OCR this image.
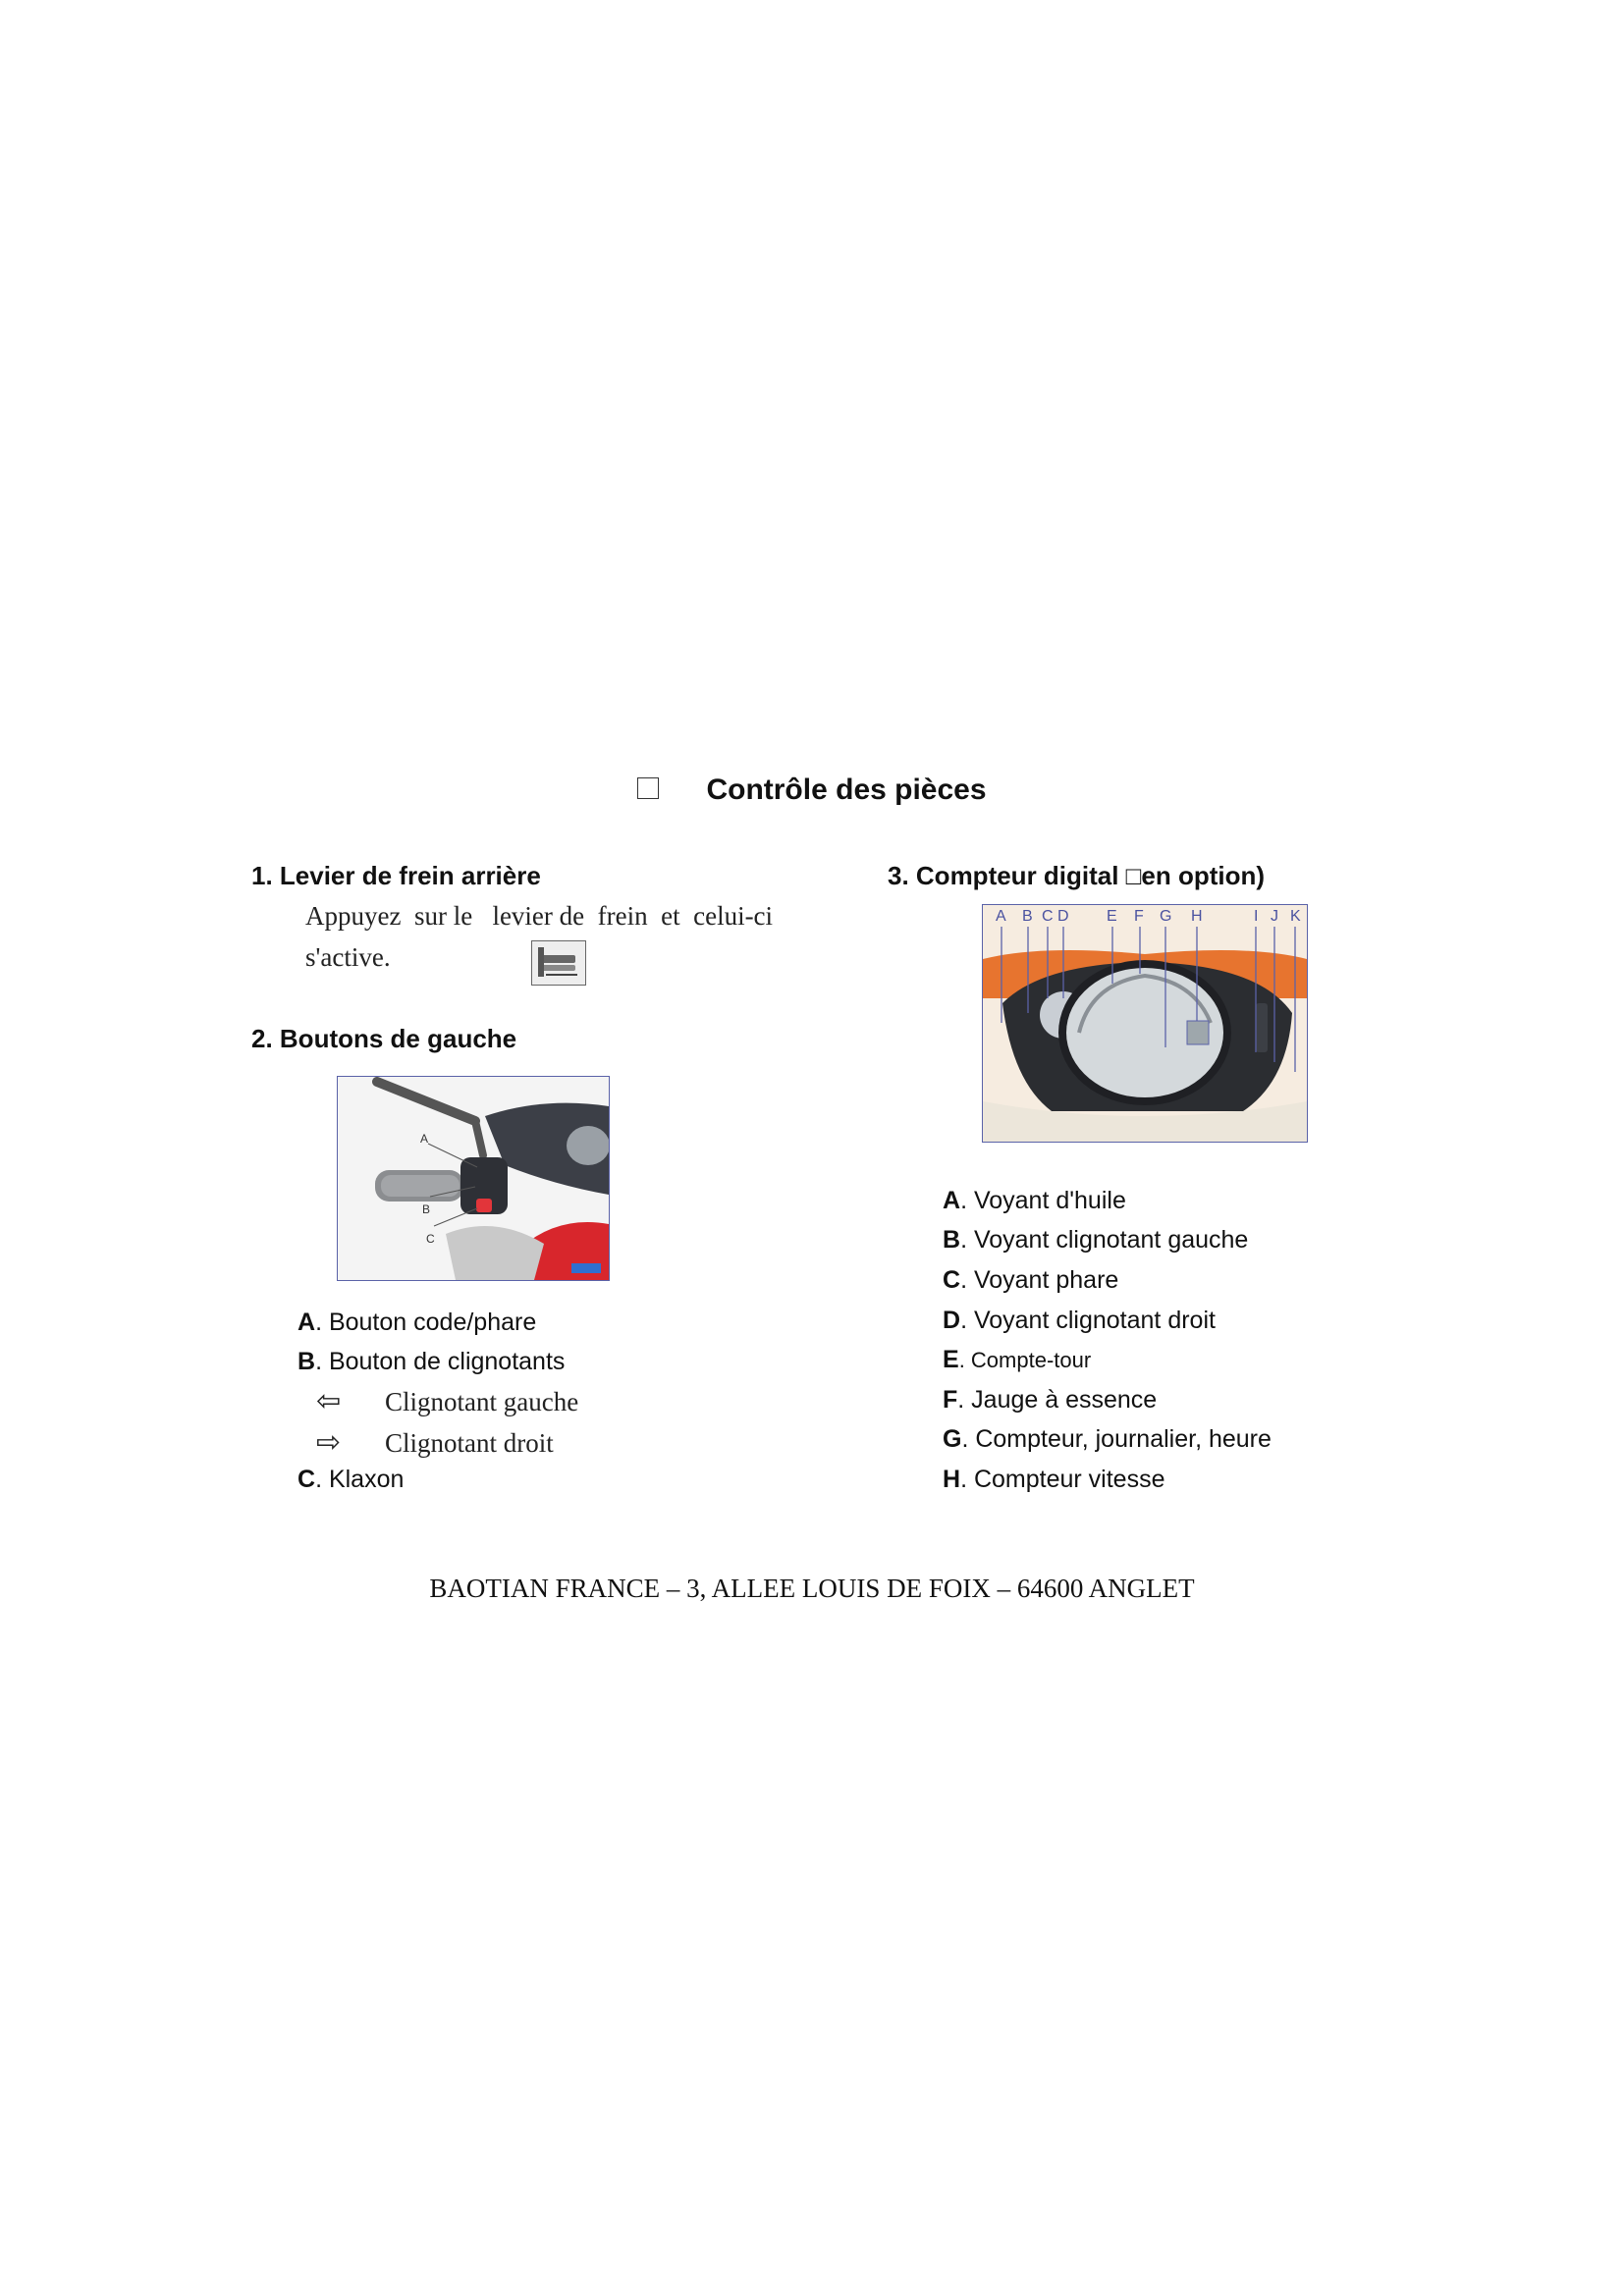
Contrôle des pièces
1. Levier de frein arrière
Appuyez  sur le   levier de  frein  et  celui-ci
s'active.
2. Boutons de gauche
A
B
C
A. Bouton code/phare
B. Bouton de clignotants
⇦ Clignotant gauche
⇨ Clignotant droit
C. Klaxon
3. Compteur digital □en option)
A B C D E F G H	I J K
A. Voyant d'huile
B. Voyant clignotant gauche
C. Voyant phare
D. Voyant clignotant droit
E. Compte-tour
F. Jauge à essence
G. Compteur, journalier, heure
H. Compteur vitesse
BAOTIAN FRANCE – 3, ALLEE LOUIS DE FOIX – 64600 ANGLET
